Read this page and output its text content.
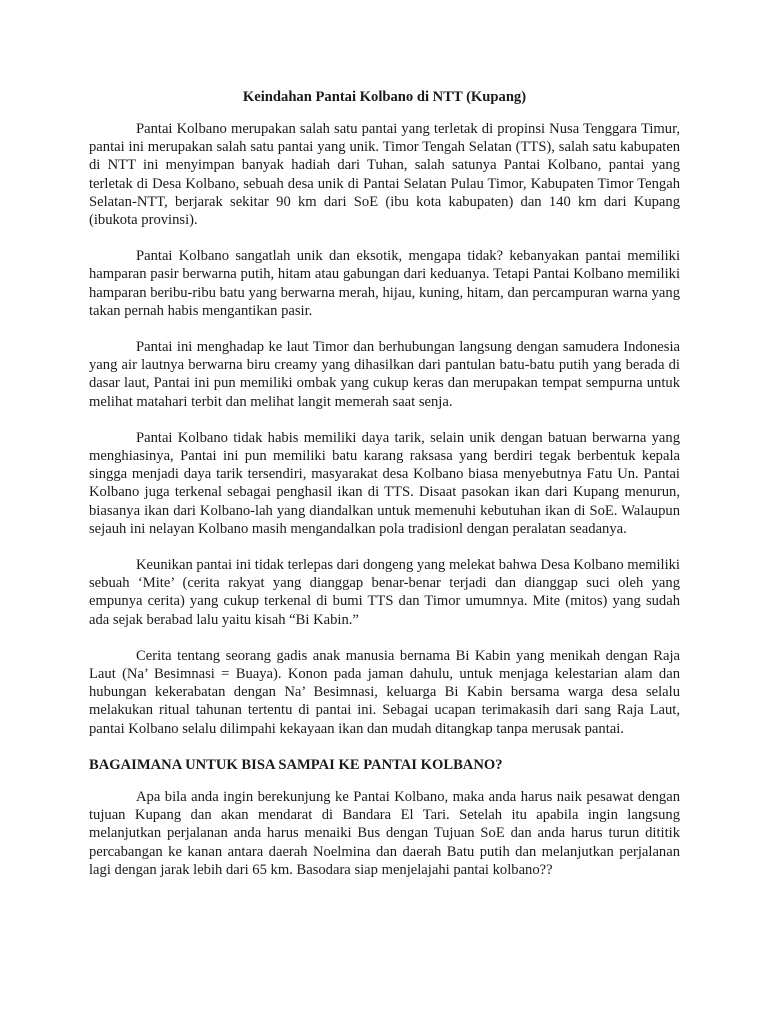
Keindahan Pantai Kolbano di NTT (Kupang)

Pantai Kolbano merupakan salah satu pantai yang terletak di propinsi Nusa Tenggara Timur, pantai ini merupakan salah satu pantai yang unik. Timor Tengah Selatan (TTS), salah satu kabupaten di NTT ini menyimpan banyak hadiah dari Tuhan, salah satunya Pantai Kolbano, pantai yang terletak di Desa Kolbano, sebuah desa unik di Pantai Selatan Pulau Timor, Kabupaten Timor Tengah Selatan-NTT, berjarak sekitar 90 km dari SoE (ibu kota kabupaten) dan 140 km dari Kupang (ibukota provinsi).

Pantai Kolbano sangatlah unik dan eksotik, mengapa tidak? kebanyakan pantai memiliki hamparan pasir berwarna putih, hitam atau gabungan dari keduanya. Tetapi Pantai Kolbano memiliki hamparan beribu-ribu batu yang berwarna merah, hijau, kuning, hitam, dan percampuran warna yang takan pernah habis mengantikan pasir.

Pantai ini menghadap ke laut Timor dan berhubungan langsung dengan samudera Indonesia yang air lautnya berwarna biru creamy yang dihasilkan dari pantulan batu-batu putih yang berada di dasar laut, Pantai ini pun memiliki ombak yang cukup keras dan merupakan tempat sempurna untuk melihat matahari terbit dan melihat langit memerah saat senja.

Pantai Kolbano tidak habis memiliki daya tarik, selain unik dengan batuan berwarna yang menghiasinya, Pantai ini pun memiliki batu karang raksasa yang berdiri tegak berbentuk kepala singga menjadi daya tarik tersendiri, masyarakat desa Kolbano biasa menyebutnya Fatu Un. Pantai Kolbano juga terkenal sebagai penghasil ikan di TTS. Disaat pasokan ikan dari Kupang menurun, biasanya ikan dari Kolbano-lah yang diandalkan untuk memenuhi kebutuhan ikan di SoE. Walaupun sejauh ini nelayan Kolbano masih mengandalkan pola tradisionl dengan peralatan seadanya.

Keunikan pantai ini tidak terlepas dari dongeng yang melekat bahwa Desa Kolbano memiliki sebuah ‘Mite’ (cerita rakyat yang dianggap benar-benar terjadi dan dianggap suci oleh yang empunya cerita) yang cukup terkenal di bumi TTS dan Timor umumnya. Mite (mitos) yang sudah ada sejak berabad lalu yaitu kisah “Bi Kabin.”

Cerita tentang seorang gadis anak manusia bernama Bi Kabin yang menikah dengan Raja Laut (Na’ Besimnasi = Buaya). Konon pada jaman dahulu, untuk menjaga kelestarian alam dan hubungan kekerabatan dengan Na’ Besimnasi, keluarga Bi Kabin bersama warga desa selalu melakukan ritual tahunan tertentu di pantai ini. Sebagai ucapan terimakasih dari sang Raja Laut, pantai Kolbano selalu dilimpahi kekayaan ikan dan mudah ditangkap tanpa merusak pantai.

BAGAIMANA UNTUK BISA SAMPAI KE PANTAI KOLBANO?

Apa bila anda ingin berekunjung ke Pantai Kolbano, maka anda harus naik pesawat dengan tujuan Kupang dan akan mendarat di Bandara El Tari. Setelah itu apabila ingin langsung melanjutkan perjalanan anda harus menaiki Bus dengan Tujuan SoE dan anda harus turun dititik percabangan ke kanan antara daerah Noelmina dan daerah Batu putih dan melanjutkan perjalanan lagi dengan jarak lebih dari 65 km. Basodara siap menjelajahi pantai kolbano??
